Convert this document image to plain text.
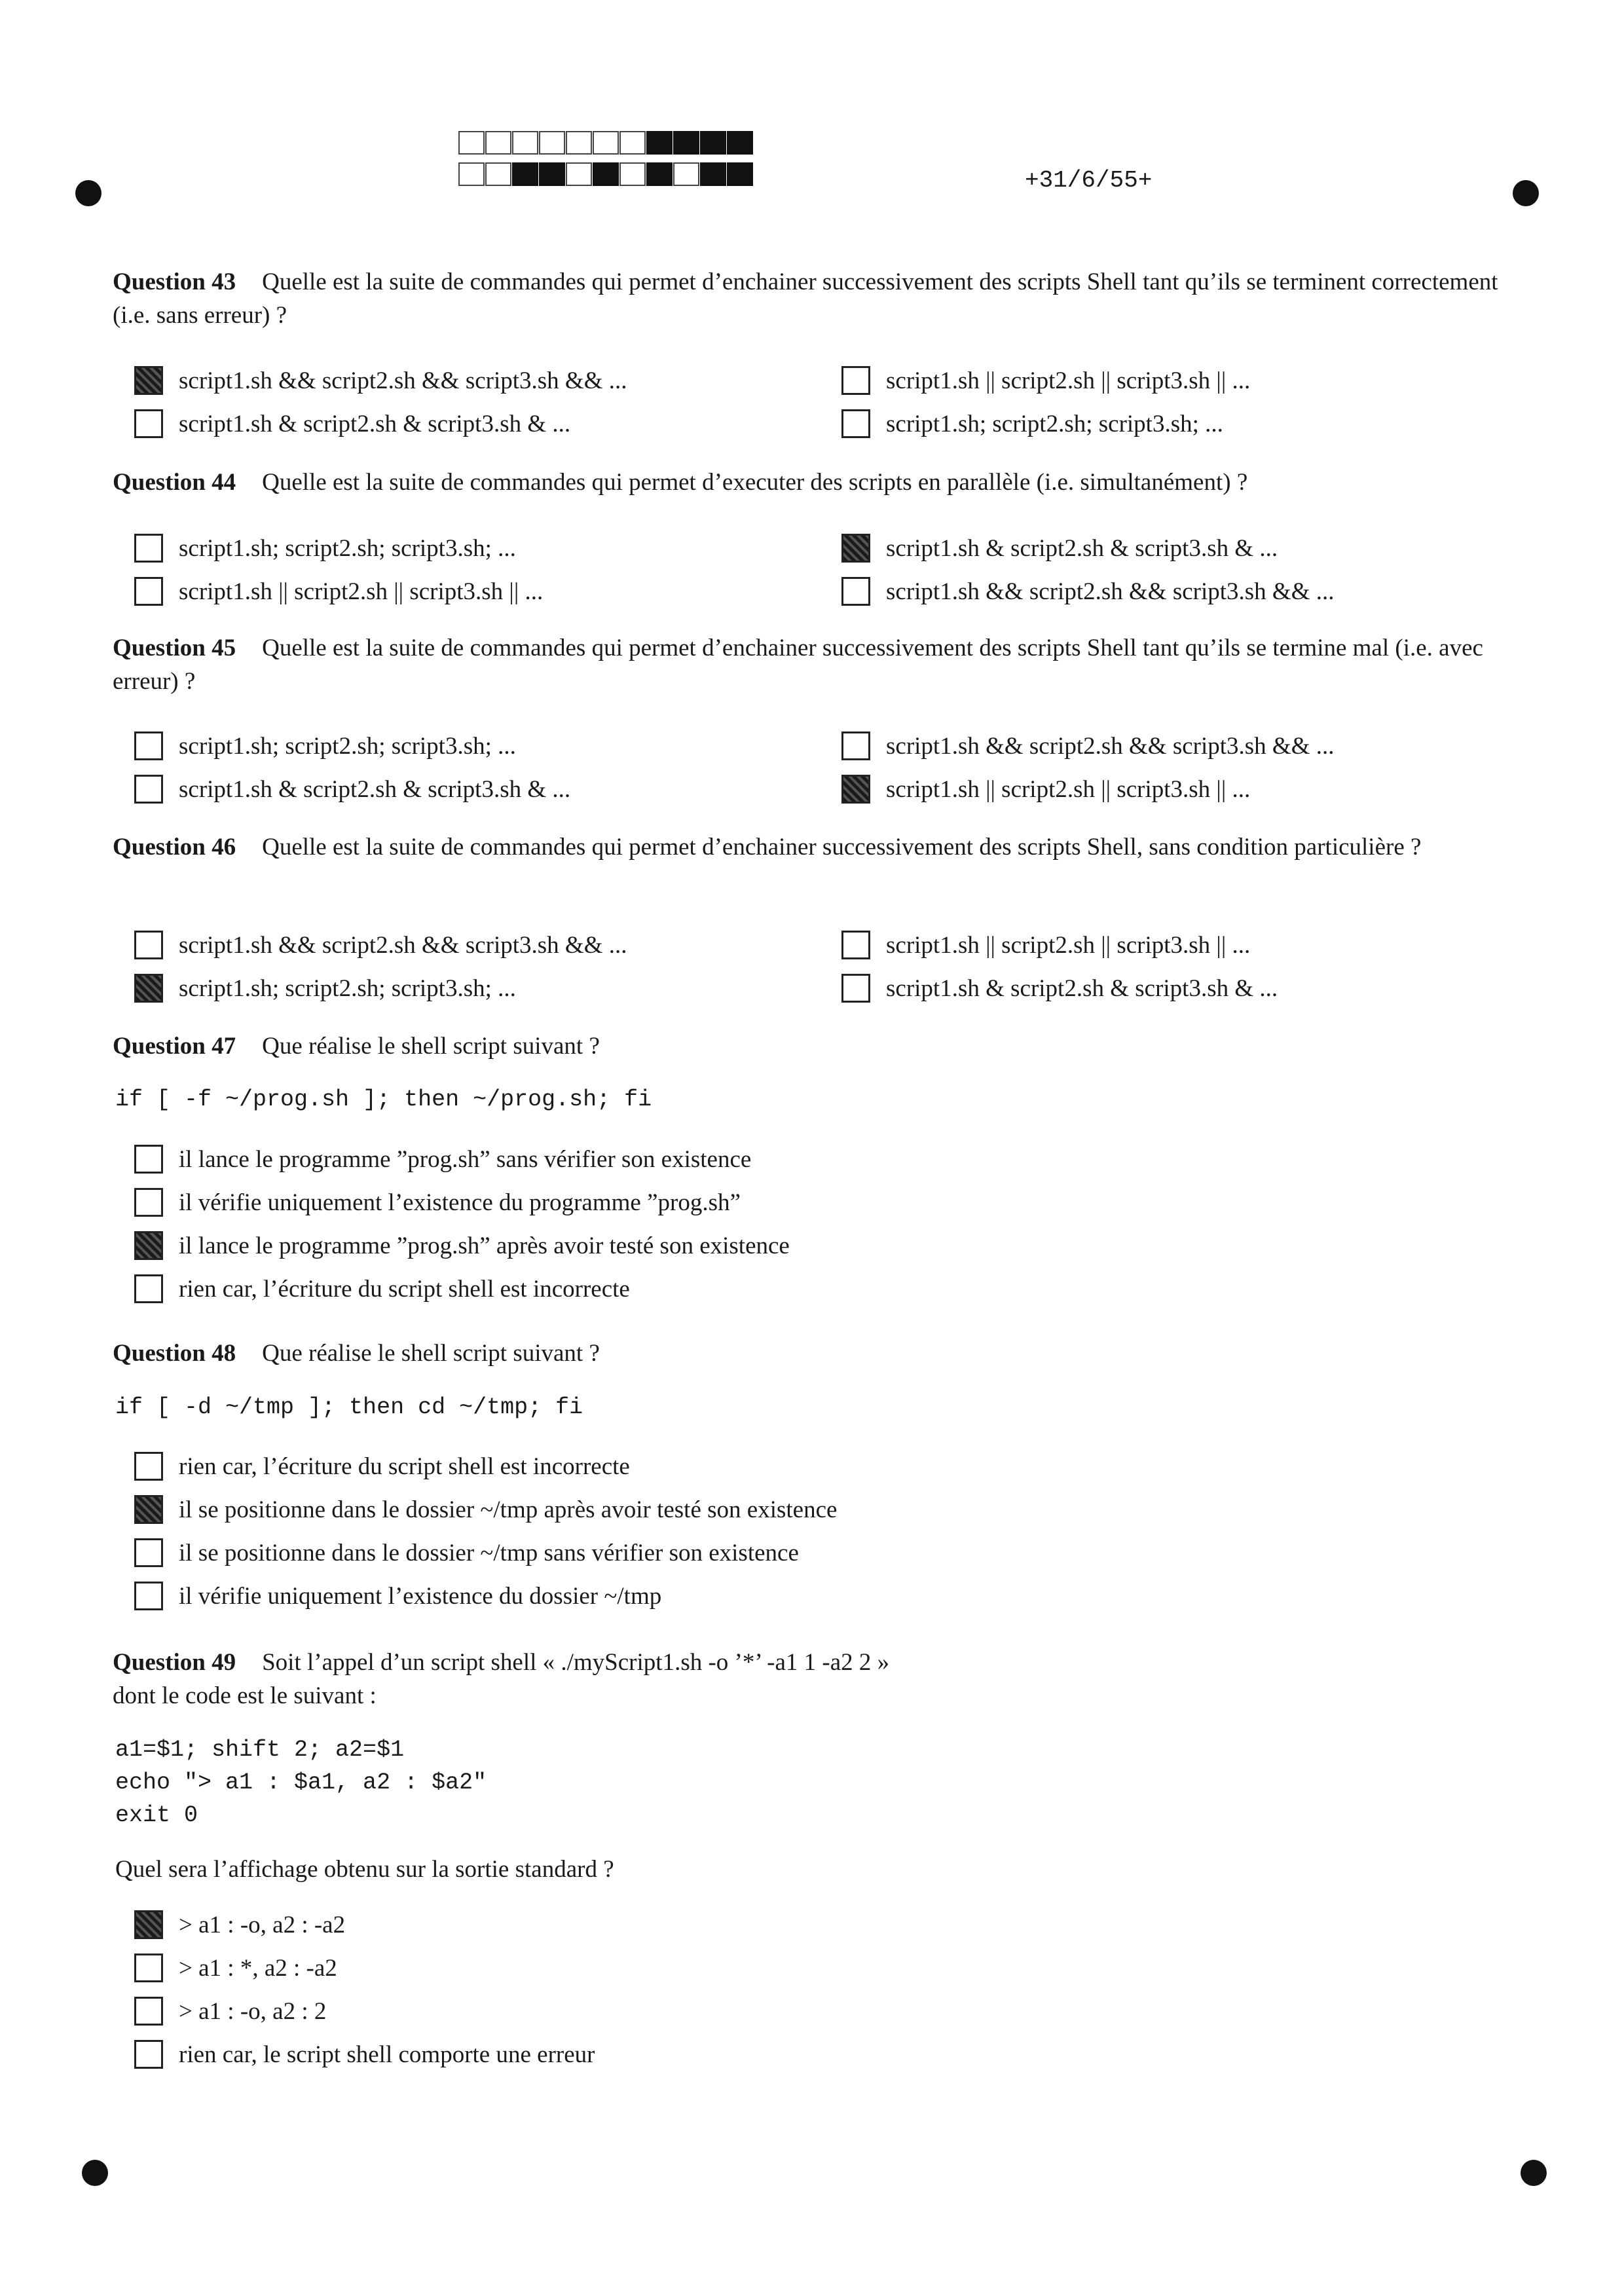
+31/6/55+
Question 43 Quelle est la suite de commandes qui permet d’enchainer successivement des scripts Shell tant qu’ils se terminent correctement (i.e. sans erreur) ?
script1.sh && script2.sh && script3.sh && ...	script1.sh || script2.sh || script3.sh || ...
script1.sh & script2.sh & script3.sh & ...	script1.sh; script2.sh; script3.sh; ...
Question 44 Quelle est la suite de commandes qui permet d’executer des scripts en parallèle (i.e. simultanément) ?
script1.sh; script2.sh; script3.sh; ...	script1.sh & script2.sh & script3.sh & ...
script1.sh || script2.sh || script3.sh || ...	script1.sh && script2.sh && script3.sh && ...
Question 45 Quelle est la suite de commandes qui permet d’enchainer successivement des scripts Shell tant qu’ils se termine mal (i.e. avec erreur) ?
script1.sh; script2.sh; script3.sh; ...	script1.sh && script2.sh && script3.sh && ...
script1.sh & script2.sh & script3.sh & ...	script1.sh || script2.sh || script3.sh || ...
Question 46 Quelle est la suite de commandes qui permet d’enchainer successivement des scripts Shell, sans condition particulière ?
script1.sh && script2.sh && script3.sh && ...	script1.sh || script2.sh || script3.sh || ...
script1.sh; script2.sh; script3.sh; ...	script1.sh & script2.sh & script3.sh & ...
Question 47 Que réalise le shell script suivant ?
if [ -f ~/prog.sh ]; then ~/prog.sh; fi
il lance le programme ”prog.sh” sans vérifier son existence
il vérifie uniquement l’existence du programme ”prog.sh”
il lance le programme ”prog.sh” après avoir testé son existence
rien car, l’écriture du script shell est incorrecte
Question 48 Que réalise le shell script suivant ?
if [ -d ~/tmp ]; then cd ~/tmp; fi
rien car, l’écriture du script shell est incorrecte
il se positionne dans le dossier ~/tmp après avoir testé son existence
il se positionne dans le dossier ~/tmp sans vérifier son existence
il vérifie uniquement l’existence du dossier ~/tmp
Question 49 Soit l’appel d’un script shell « ./myScript1.sh -o ’*’ -a1 1 -a2 2 »
dont le code est le suivant :
a1=$1; shift 2; a2=$1
echo "> a1 : $a1, a2 : $a2"
exit 0
Quel sera l’affichage obtenu sur la sortie standard ?
> a1 : -o, a2 : -a2
> a1 : *, a2 : -a2
> a1 : -o, a2 : 2
rien car, le script shell comporte une erreur
